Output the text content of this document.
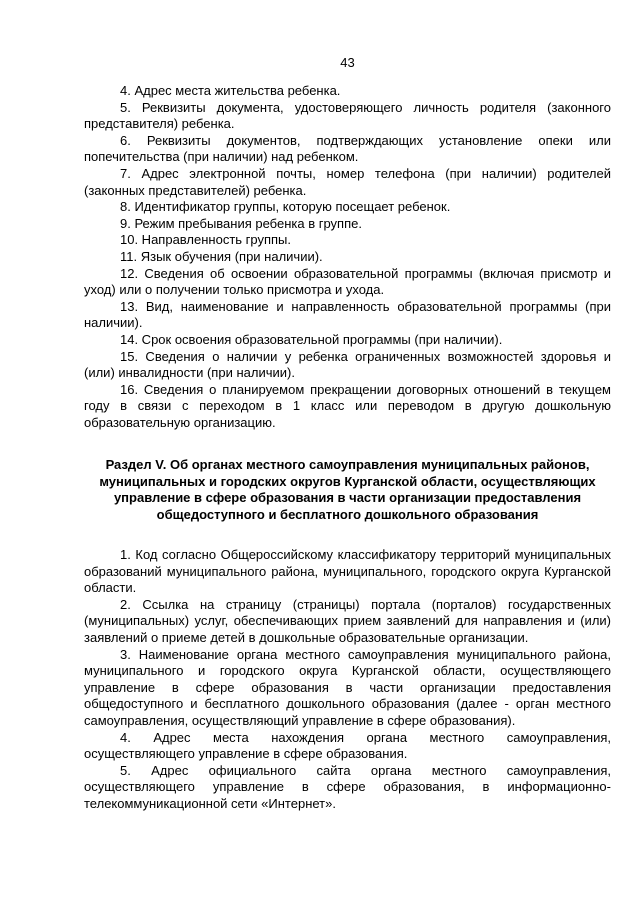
43

4. Адрес места жительства ребенка.

5. Реквизиты документа, удостоверяющего личность родителя (законного представителя) ребенка.

6. Реквизиты документов, подтверждающих установление опеки или попечительства (при наличии) над ребенком.

7. Адрес электронной почты, номер телефона (при наличии) родителей (законных представителей) ребенка.

8. Идентификатор группы, которую посещает ребенок.

9. Режим пребывания ребенка в группе.

10. Направленность группы.

11. Язык обучения (при наличии).

12. Сведения об освоении образовательной программы (включая присмотр и уход) или о получении только присмотра и ухода.

13. Вид, наименование и направленность образовательной программы (при наличии).

14. Срок освоения образовательной программы (при наличии).

15. Сведения о наличии у ребенка ограниченных возможностей здоровья и (или) инвалидности (при наличии).

16. Сведения о планируемом прекращении договорных отношений в текущем году в связи с переходом в 1 класс или переводом в другую дошкольную образовательную организацию.

Раздел V. Об органах местного самоуправления муниципальных районов,
муниципальных и городских округов Курганской области, осуществляющих
управление в сфере образования в части организации предоставления
общедоступного и бесплатного дошкольного образования

1. Код согласно Общероссийскому классификатору территорий муниципальных образований муниципального района, муниципального, городского округа Курганской области.

2. Ссылка на страницу (страницы) портала (порталов) государственных (муниципальных) услуг, обеспечивающих прием заявлений для направления и (или) заявлений о приеме детей в дошкольные образовательные организации.

3. Наименование органа местного самоуправления муниципального района, муниципального и городского округа Курганской области, осуществляющего управление в сфере образования в части организации предоставления общедоступного и бесплатного дошкольного образования (далее - орган местного самоуправления, осуществляющий управление в сфере образования).

4. Адрес места нахождения органа местного самоуправления, осуществляющего управление в сфере образования.

5. Адрес официального сайта органа местного самоуправления, осуществляющего управление в сфере образования, в информационно-телекоммуникационной сети «Интернет».
